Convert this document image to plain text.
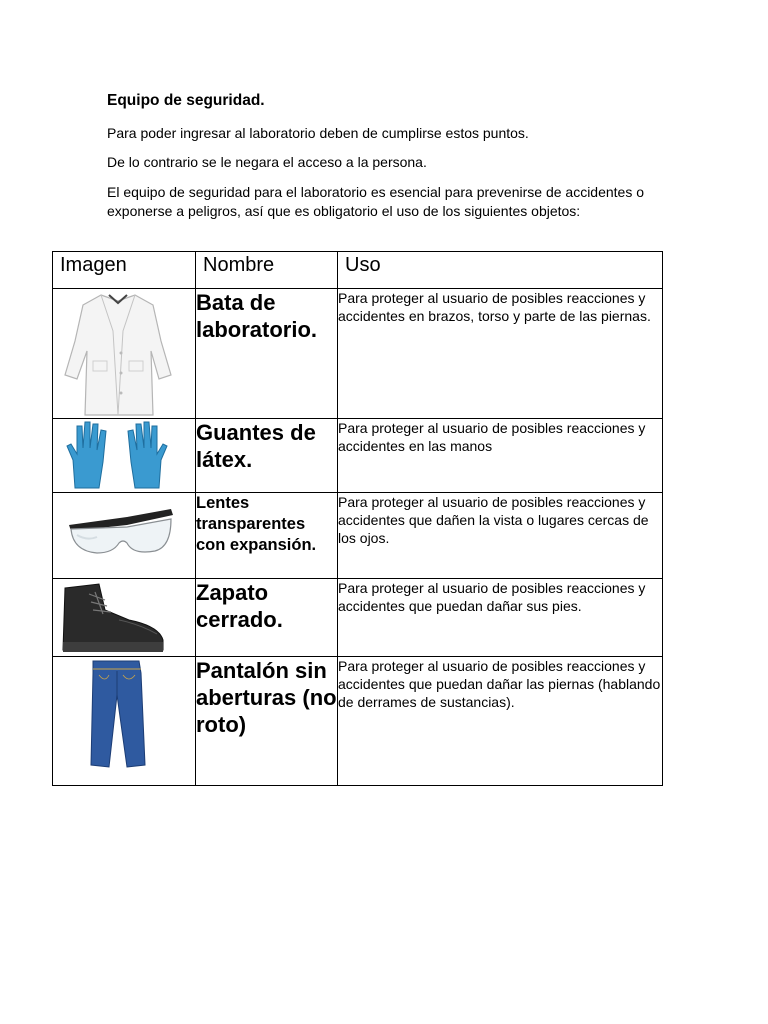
Equipo de seguridad.
Para poder ingresar al laboratorio deben de cumplirse estos puntos.
De lo contrario se le negara el acceso a la persona.
El equipo de seguridad para el laboratorio es esencial para prevenirse de accidentes o exponerse a peligros, así que es obligatorio el uso de los siguientes objetos:
Imagen	Nombre	Uso

	Bata de laboratorio.	Para proteger al usuario de posibles reacciones y accidentes en brazos, torso y parte de las piernas.

	Guantes de látex.	Para proteger al usuario de posibles reacciones y accidentes en las manos

	Lentes transparentes con expansión.	Para proteger al usuario de posibles reacciones y accidentes que dañen la vista o lugares cercas de los ojos.

	Zapato cerrado.	Para proteger al usuario de posibles reacciones y accidentes que puedan dañar sus pies.

	Pantalón sin aberturas (no roto)	Para proteger al usuario de posibles reacciones y accidentes que puedan dañar las piernas (hablando de derrames de sustancias).
